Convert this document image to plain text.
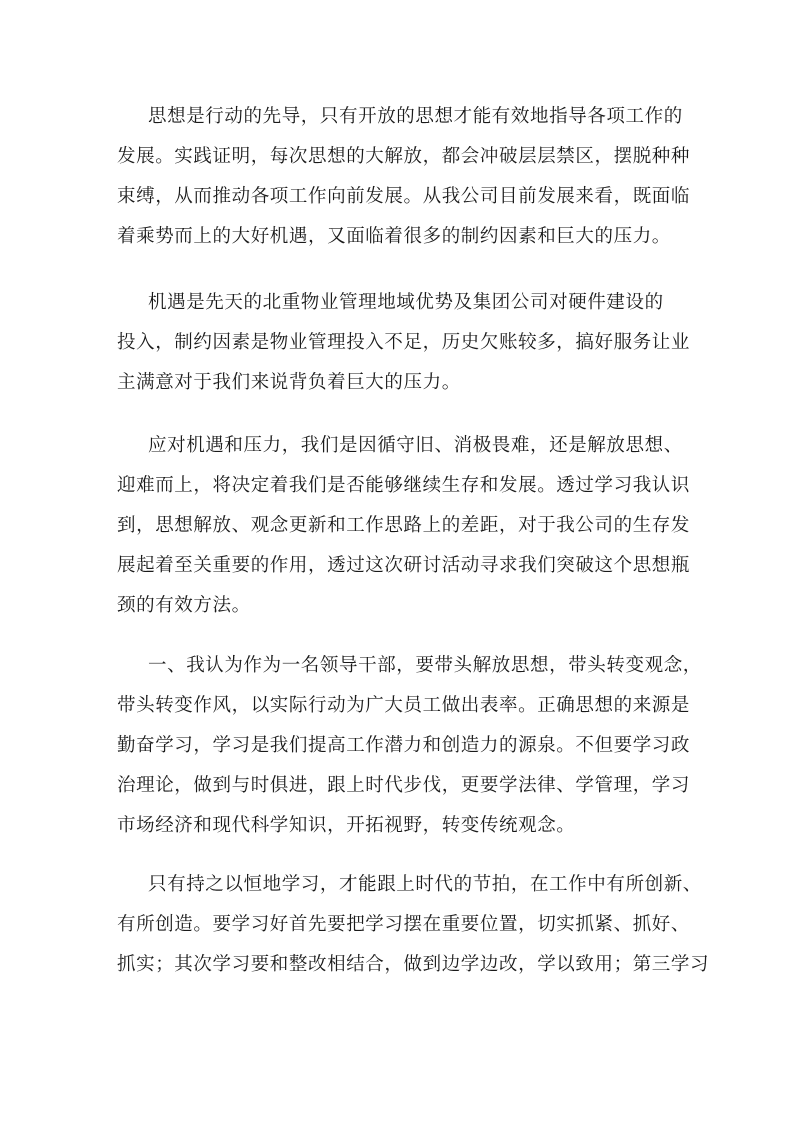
思想是行动的先导，只有开放的思想才能有效地指导各项工作的
发展。实践证明，每次思想的大解放，都会冲破层层禁区，摆脱种种
束缚，从而推动各项工作向前发展。从我公司目前发展来看，既面临
着乘势而上的大好机遇，又面临着很多的制约因素和巨大的压力。
机遇是先天的北重物业管理地域优势及集团公司对硬件建设的
投入，制约因素是物业管理投入不足，历史欠账较多，搞好服务让业
主满意对于我们来说背负着巨大的压力。
应对机遇和压力，我们是因循守旧、消极畏难，还是解放思想、
迎难而上，将决定着我们是否能够继续生存和发展。透过学习我认识
到，思想解放、观念更新和工作思路上的差距，对于我公司的生存发
展起着至关重要的作用，透过这次研讨活动寻求我们突破这个思想瓶
颈的有效方法。
一、我认为作为一名领导干部，要带头解放思想，带头转变观念，
带头转变作风，以实际行动为广大员工做出表率。正确思想的来源是
勤奋学习，学习是我们提高工作潜力和创造力的源泉。不但要学习政
治理论，做到与时俱进，跟上时代步伐，更要学法律、学管理，学习
市场经济和现代科学知识，开拓视野，转变传统观念。
只有持之以恒地学习，才能跟上时代的节拍，在工作中有所创新、
有所创造。要学习好首先要把学习摆在重要位置，切实抓紧、抓好、
抓实；其次学习要和整改相结合，做到边学边改，学以致用；第三学习
